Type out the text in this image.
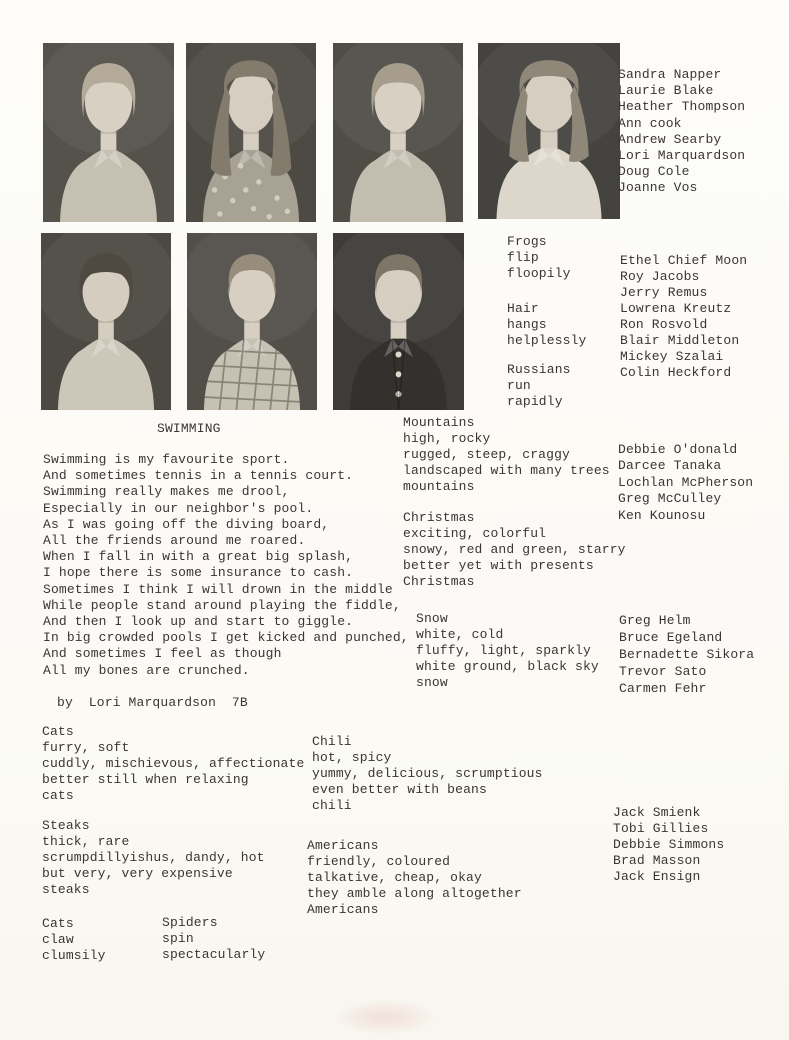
Sandra Napper
Laurie Blake
Heather Thompson
Ann cook
Andrew Searby
Lori Marquardson
Doug Cole
Joanne Vos
Ethel Chief Moon
Roy Jacobs
Jerry Remus
Lowrena Kreutz
Ron Rosvold
Blair Middleton
Mickey Szalai
Colin Heckford
Debbie O'donald
Darcee Tanaka
Lochlan McPherson
Greg McCulley
Ken Kounosu
Greg Helm
Bruce Egeland
Bernadette Sikora
Trevor Sato
Carmen Fehr
Jack Smienk
Tobi Gillies
Debbie Simmons
Brad Masson
Jack Ensign
Frogs
flip
floopily
Hair
hangs
helplessly
Russians
run
rapidly
Mountains
high, rocky
rugged, steep, craggy
landscaped with many trees
mountains
Christmas
exciting, colorful
snowy, red and green, starry
better yet with presents
Christmas
Snow
white, cold
fluffy, light, sparkly
white ground, black sky
snow
Cats
furry, soft
cuddly, mischievous, affectionate
better still when relaxing
cats
Chili
hot, spicy
yummy, delicious, scrumptious
even better with beans
chili
Steaks
thick, rare
scrumpdillyishus, dandy, hot
but very, very expensive
steaks
Americans
friendly, coloured
talkative, cheap, okay
they amble along altogether
Americans
Cats
claw
clumsily
Spiders
spin
spectacularly
SWIMMING
Swimming is my favourite sport.
And sometimes tennis in a tennis court.
Swimming really makes me drool,
Especially in our neighbor's pool.
As I was going off the diving board,
All the friends around me roared.
When I fall in with a great big splash,
I hope there is some insurance to cash.
Sometimes I think I will drown in the middle
While people stand around playing the fiddle,
And then I look up and start to giggle.
In big crowded pools I get kicked and punched,
And sometimes I feel as though
All my bones are crunched.
by  Lori Marquardson  7B
